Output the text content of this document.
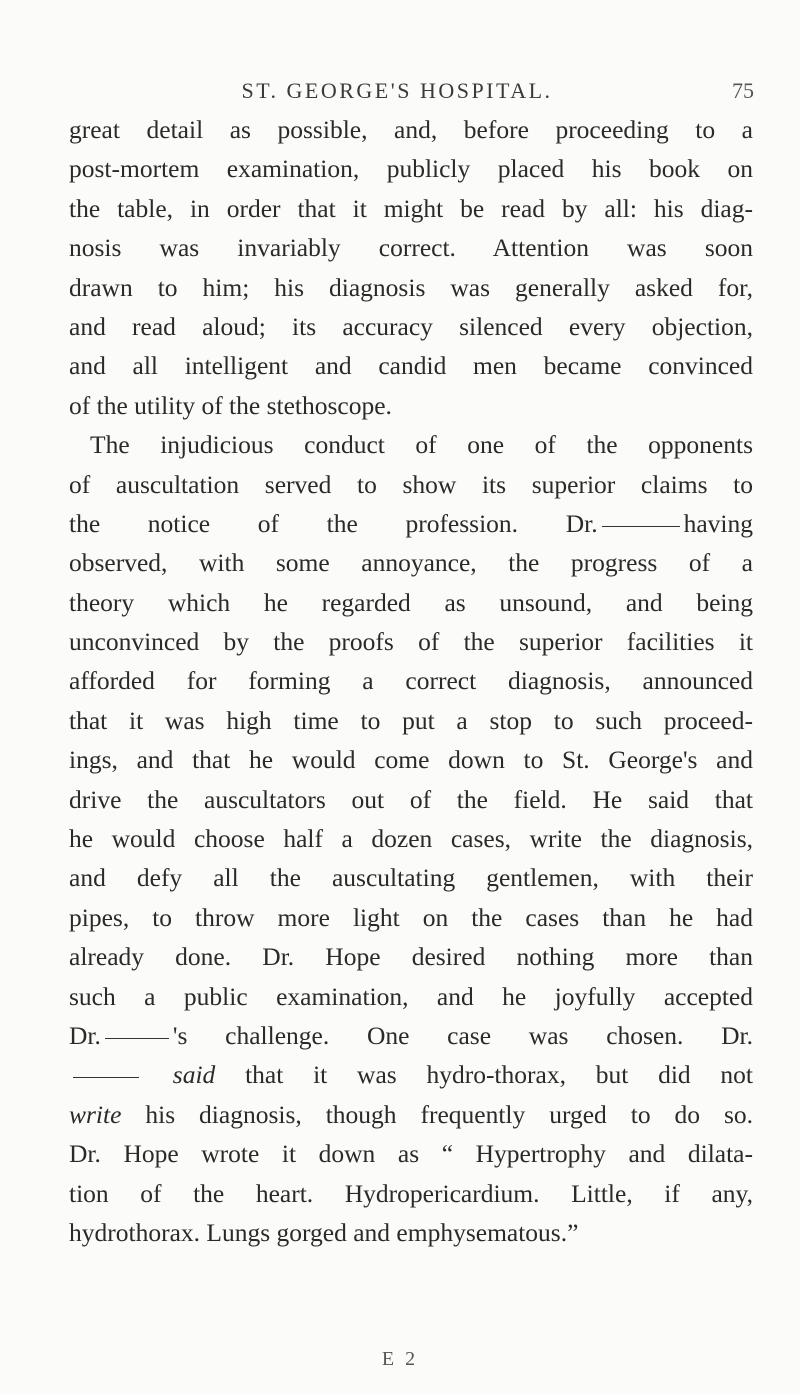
ST. GEORGE'S HOSPITAL.	75
great detail as possible, and, before proceeding to a
post-mortem examination, publicly placed his book on
the table, in order that it might be read by all: his diag-
nosis was invariably correct. Attention was soon
drawn to him; his diagnosis was generally asked for,
and read aloud; its accuracy silenced every objection,
and all intelligent and candid men became convinced
of the utility of the stethoscope.
The injudicious conduct of one of the opponents
of auscultation served to show its superior claims to
the notice of the profession. Dr.	having
observed, with some annoyance, the progress of a
theory which he regarded as unsound, and being
unconvinced by the proofs of the superior facilities it
afforded for forming a correct diagnosis, announced
that it was high time to put a stop to such proceed-
ings, and that he would come down to St. George's and
drive the auscultators out of the field. He said that
he would choose half a dozen cases, write the diagnosis,
and defy all the auscultating gentlemen, with their
pipes, to throw more light on the cases than he had
already done. Dr. Hope desired nothing more than
such a public examination, and he joyfully accepted
Dr.	's challenge. One case was chosen. Dr.
said that it was hydro-thorax, but did not
write his diagnosis, though frequently urged to do so.
Dr. Hope wrote it down as “ Hypertrophy and dilata-
tion of the heart. Hydropericardium. Little, if any,
hydrothorax. Lungs gorged and emphysematous.”
E 2
